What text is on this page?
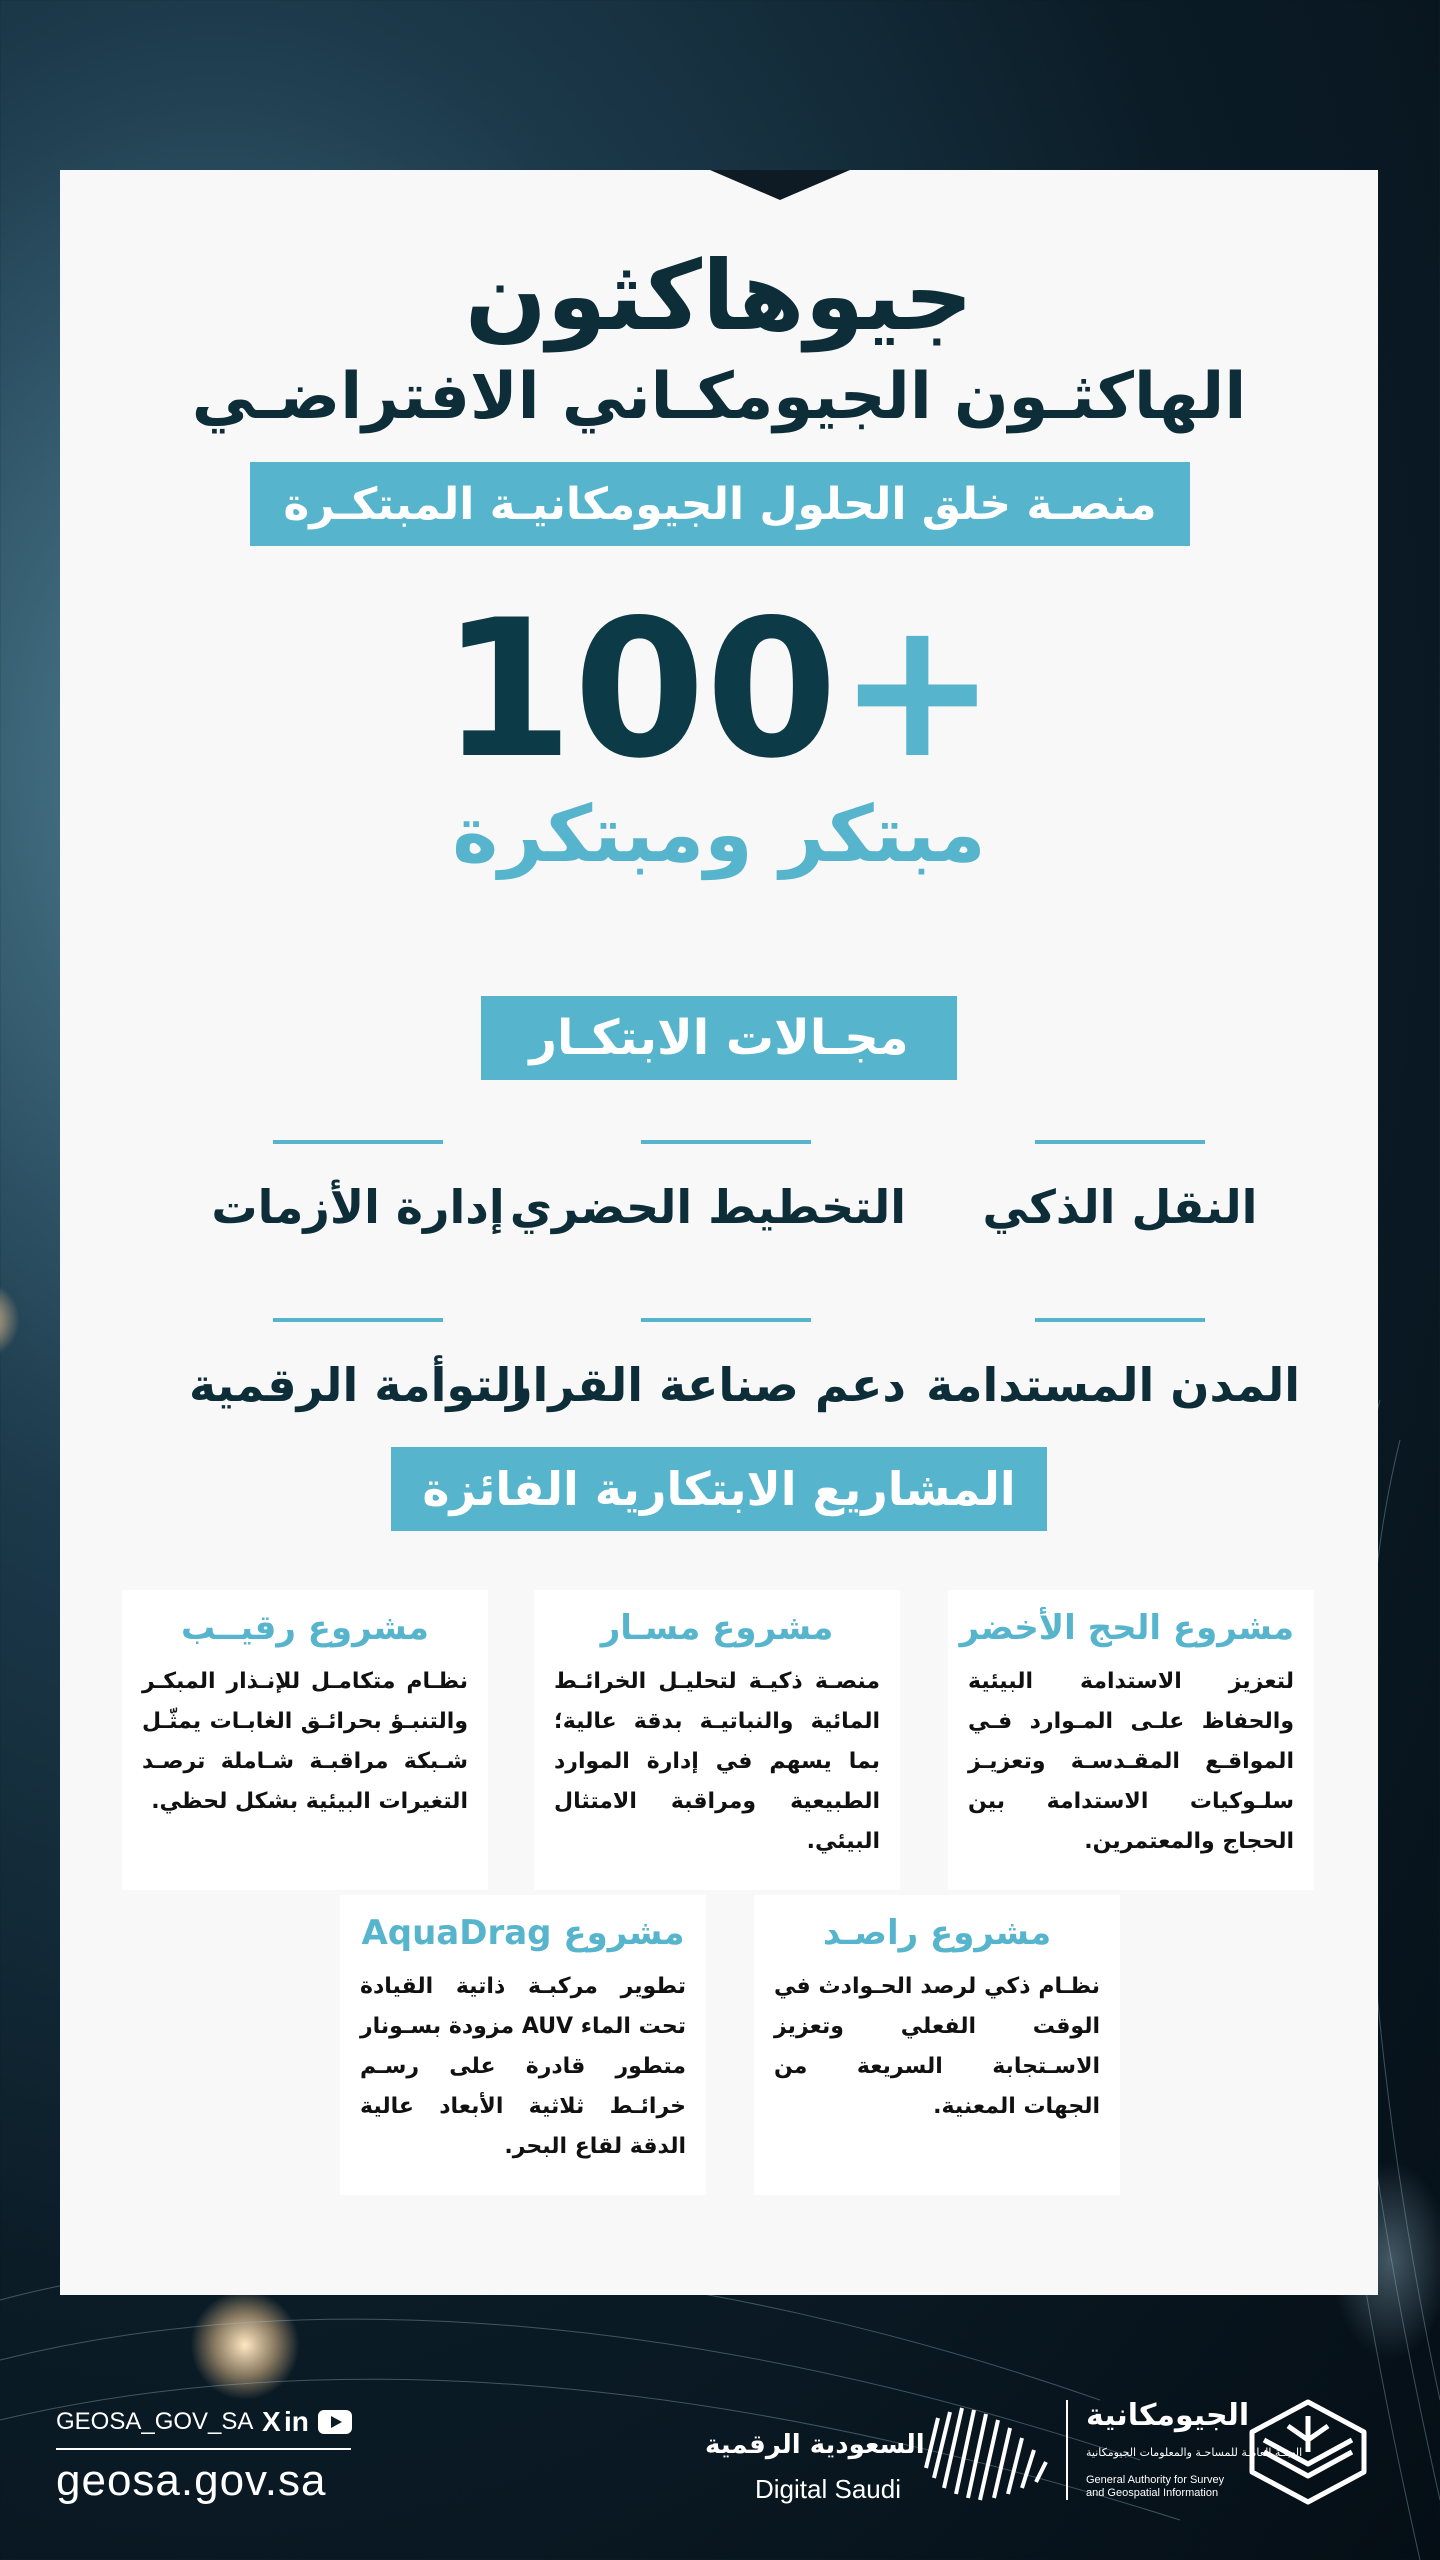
جيوهاكثون
الهاكثـون الجيومكـاني الافتراضـي
منصـة خلق الحلول الجيومكانيـة المبتكـرة
100+
مبتكر ومبتكرة
مجـالات الابتكـار
النقل الذكي
التخطيط الحضري
إدارة الأزمات
المدن المستدامة
دعم صناعة القرار
التوأمة الرقمية
المشاريع الابتكارية الفائزة
مشروع الحج الأخضر
لتعزيز الاستدامة البيئية والحفاظ علـى المـوارد فـي المواقـع المقـدسـة وتعزيـز سلـوكيات الاستدامة بين الحجاج والمعتمرين.
مشروع مسـار
منصـة ذكيـة لتحليـل الخرائـط المائية والنباتيـة بدقة عالية؛ بما يسهم في إدارة الموارد الطبيعية ومراقبة الامتثال البيئي.
مشروع رقيــب
نظـام متكامـل للإنـذار المبكـر والتنبـؤ بحرائـق الغابـات يمثّـل شـبكة مراقبـة شـاملة ترصـد التغيرات البيئية بشكل لحظي.
مشروع راصـد
نظـام ذكي لرصد الحـوادث في الوقت الفعلي وتعزيز الاسـتجابة السريعة من الجهات المعنية.
مشروع AquaDrag
تطوير مركبـة ذاتية القيادة تحت الماء AUV مزودة بسـونار متطور قادرة على رسـم خرائـط ثلاثية الأبعاد عالية الدقة لقاع البحر.
GEOSA_GOV_SA X in
geosa.gov.sa
السعودية الرقمية
Digital Saudi
الجيومكانية
الهيئـة العامـة للمساحـة والمعلومات الجيومكانية
General Authority for Survey
and Geospatial Information
